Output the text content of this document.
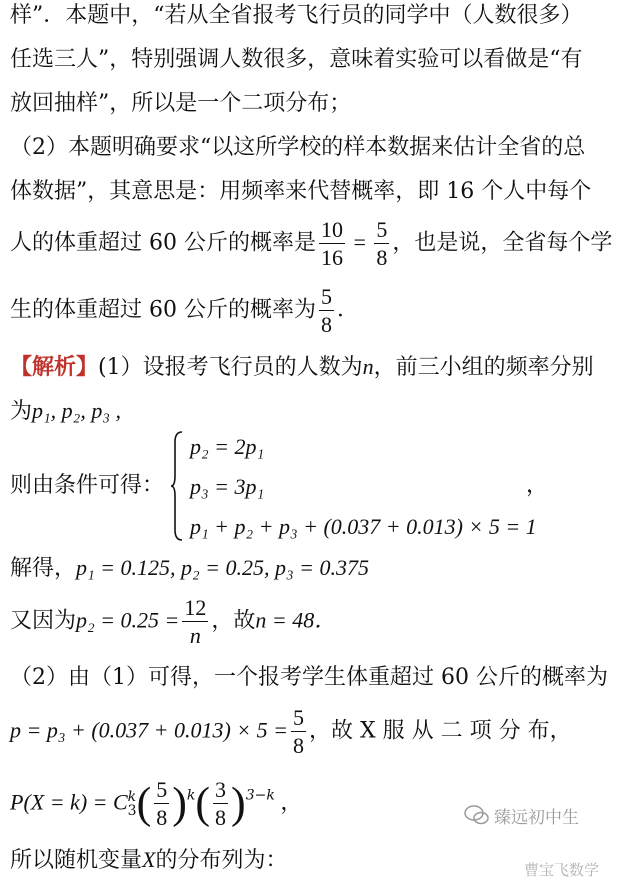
样”．本题中，“若从全省报考飞行员的同学中（人数很多）
任选三人”，特别强调人数很多，意味着实验可以看做是“有
放回抽样”，所以是一个二项分布；
（2）本题明确要求“以这所学校的样本数据来估计全省的总
体数据”，其意思是：用频率来代替概率，即 16 个人中每个
人的体重超过 60 公斤的概率是 $\frac{10}{16} = \frac{5}{8}$ ，也是说，全省每个学
生的体重超过 60 公斤的概率为 $\frac{5}{8}$ ．
【解析】(1）设报考飞行员的人数为n，前三小组的频率分别
为p₁, p₂, p₃ ,
则由条件可得：
p₂ = 2p₁
p₃ = 3p₁
p₁ + p₂ + p₃ + (0.037 + 0.013) × 5 = 1
，
解得，p₁ = 0.125, p₂ = 0.25, p₃ = 0.375
又因为$p_2 = 0.25 = \frac{12}{n}$ ，故n = 48．
（2）由（1）可得，一个报考学生体重超过 60 公斤的概率为
$p = p_3 + (0.037 + 0.013) \times 5 = \frac{5}{8}$ ，故 X 服 从 二 项 分 布，
P(X = k) = C k
3 ( $\frac{5}{8} )^k( \frac{3}{8} )^{3-k}$ ，
所以随机变量X的分布列为：
臻远初中生
曹宝飞数学
